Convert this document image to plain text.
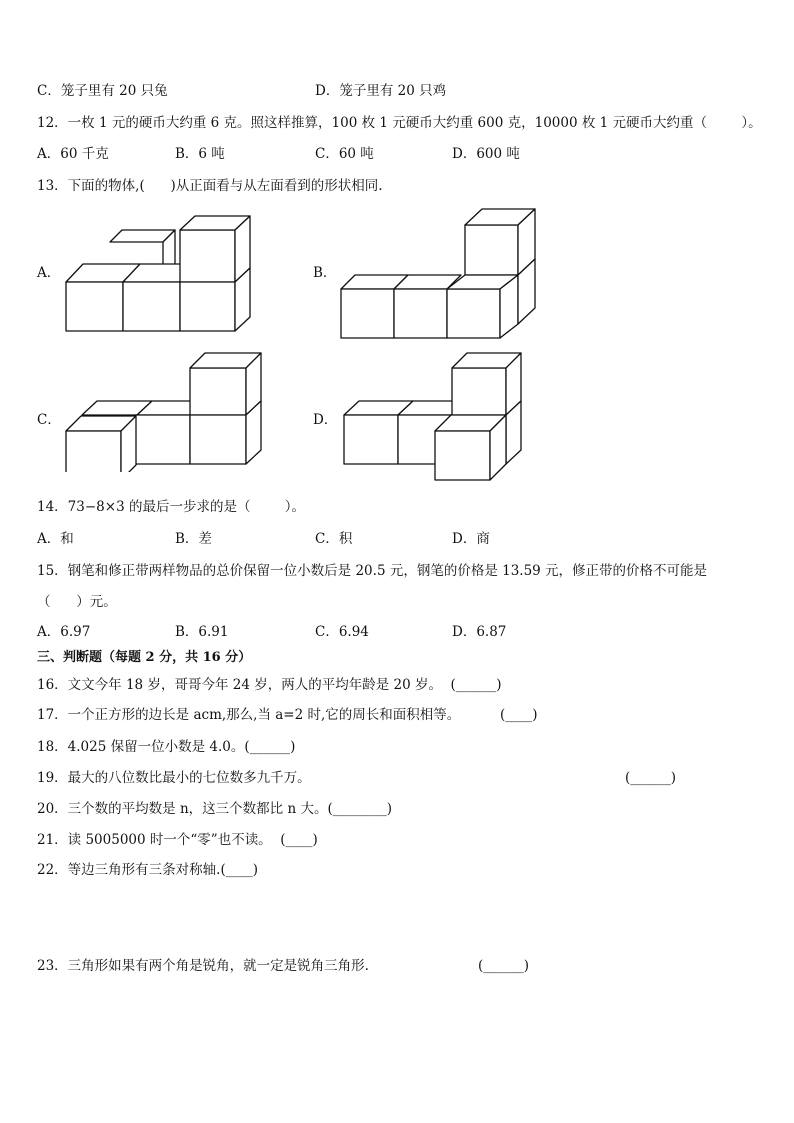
C．笼子里有 20 只兔	D．笼子里有 20 只鸡
12．一枚 1 元的硬币大约重 6 克。照这样推算，100 枚 1 元硬币大约重 600 克，10000 枚 1 元硬币大约重（        ）。
A．60 千克	B．6 吨	C．60 吨	D．600 吨
13．下面的物体,(      )从正面看与从左面看到的形状相同.
A．	B．
C．	D．
14．73−8×3 的最后一步求的是（        ）。
A．和	B．差	C．积	D．商
15．钢笔和修正带两样物品的总价保留一位小数后是 20.5 元，钢笔的价格是 13.59 元，修正带的价格不可能是
（      ）元。
A．6.97	B．6.91	C．6.94	D．6.87
三、判断题（每题 2 分，共 16 分）
16．文文今年 18 岁，哥哥今年 24 岁，两人的平均年龄是 20 岁。  (______)
17．一个正方形的边长是 acm,那么,当 a=2 时,它的周长和面积相等。	(____)
18．4.025 保留一位小数是 4.0。(______)
19．最大的八位数比最小的七位数多九千万。	(______)
20．三个数的平均数是 n，这三个数都比 n 大。(________)
21．读 5005000 时一个“零”也不读。  (____)
22．等边三角形有三条对称轴.(____)
23．三角形如果有两个角是锐角，就一定是锐角三角形.	(______)
